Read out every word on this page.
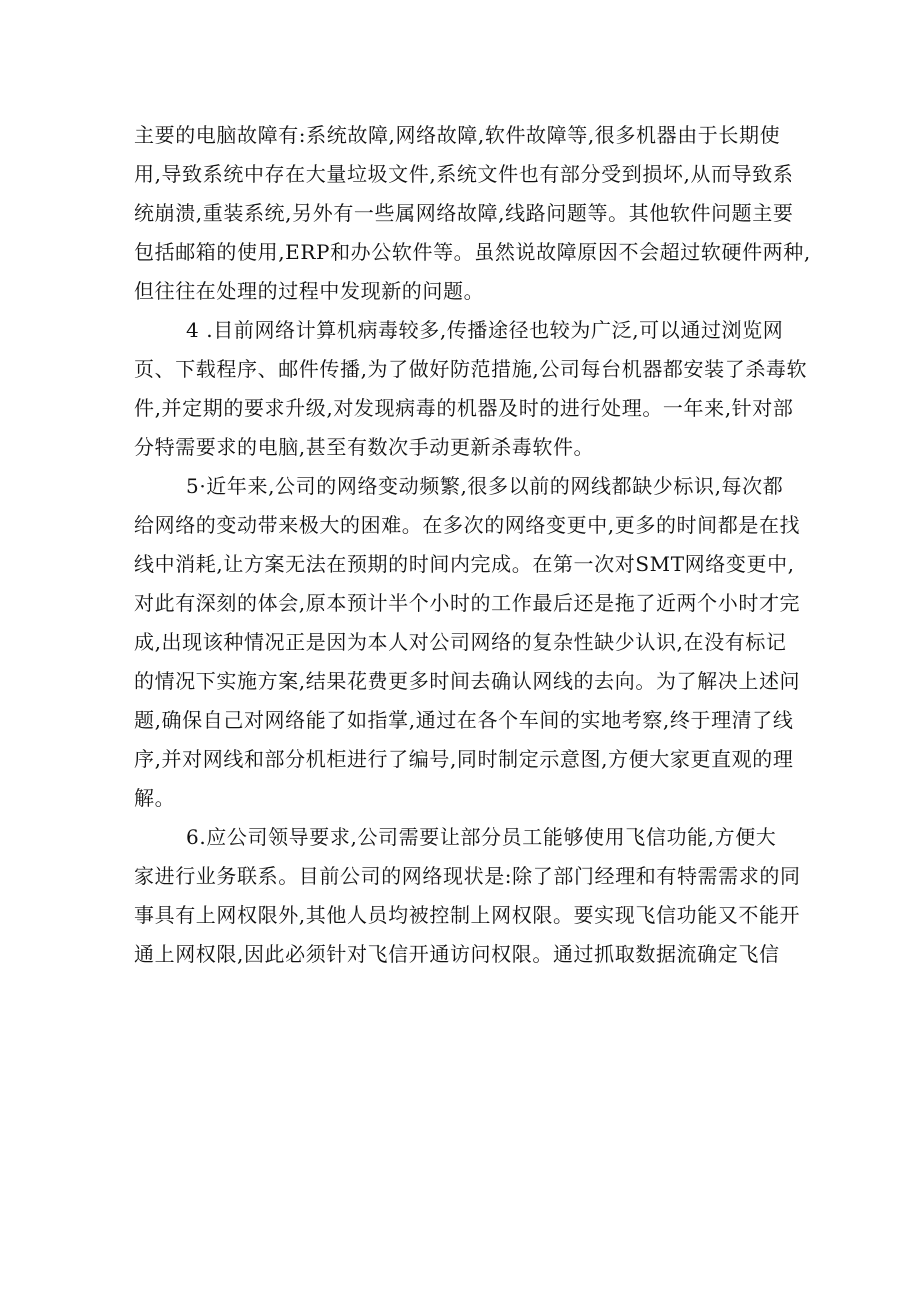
主要的电脑故障有:系统故障,网络故障,软件故障等,很多机器由于长期使
用,导致系统中存在大量垃圾文件,系统文件也有部分受到损坏,从而导致系
统崩溃,重装系统,另外有一些属网络故障,线路问题等。其他软件问题主要
包括邮箱的使用,ERP和办公软件等。虽然说故障原因不会超过软硬件两种,
但往往在处理的过程中发现新的问题。
4 .目前网络计算机病毒较多,传播途径也较为广泛,可以通过浏览网
页、下载程序、邮件传播,为了做好防范措施,公司每台机器都安装了杀毒软
件,并定期的要求升级,对发现病毒的机器及时的进行处理。一年来,针对部
分特需要求的电脑,甚至有数次手动更新杀毒软件。
5·近年来,公司的网络变动频繁,很多以前的网线都缺少标识,每次都
给网络的变动带来极大的困难。在多次的网络变更中,更多的时间都是在找
线中消耗,让方案无法在预期的时间内完成。在第一次对SMT网络变更中,
对此有深刻的体会,原本预计半个小时的工作最后还是拖了近两个小时才完
成,出现该种情况正是因为本人对公司网络的复杂性缺少认识,在没有标记
的情况下实施方案,结果花费更多时间去确认网线的去向。为了解决上述问
题,确保自己对网络能了如指掌,通过在各个车间的实地考察,终于理清了线
序,并对网线和部分机柜进行了编号,同时制定示意图,方便大家更直观的理
解。
6.应公司领导要求,公司需要让部分员工能够使用飞信功能,方便大
家进行业务联系。目前公司的网络现状是:除了部门经理和有特需需求的同
事具有上网权限外,其他人员均被控制上网权限。要实现飞信功能又不能开
通上网权限,因此必须针对飞信开通访问权限。通过抓取数据流确定飞信
